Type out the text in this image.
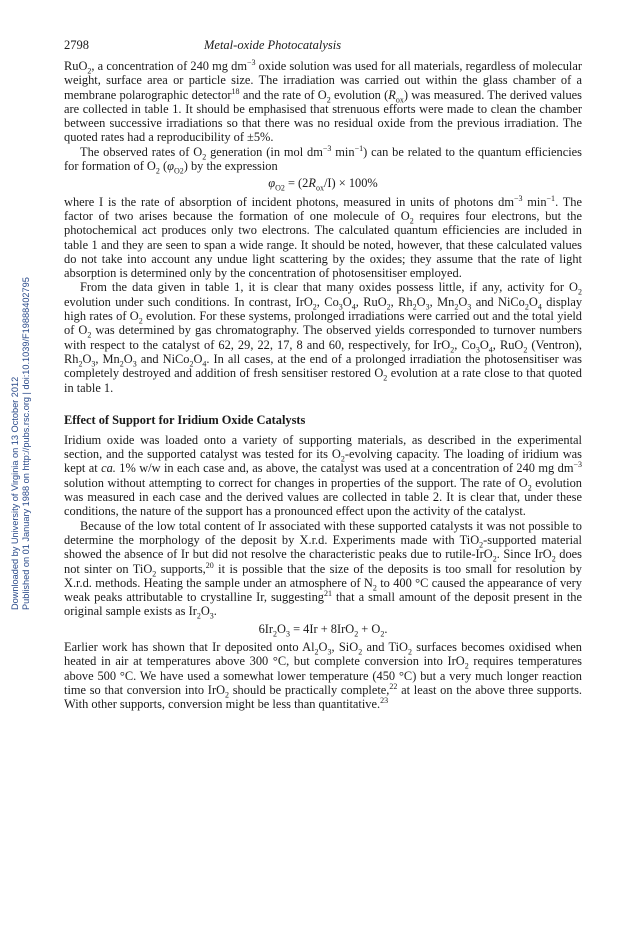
Downloaded by University of Virginia on 13 October 2012 Published on 01 January 1988 on http://pubs.rsc.org | doi:10.1039/F19888402795
2798	Metal-oxide Photocatalysis

RuO$_2$, a concentration of 240 mg $dm^{-3}$ oxide solution was used for all materials, regardless of molecular weight, surface area or particle size. The irradiation was carried out within the glass chamber of a membrane polarographic detector$^{18}$ and the rate of $O_2$ evolution $(R_{ox})$ was measured. The derived values are collected in table 1. It should be emphasised that strenuous efforts were made to clean the chamber between successive irradiations so that there was no residual oxide from the previous irradiation. The quoted rates had a reproducibility of ±5%.

The observed rates of $O_2$ generation (in mol $dm^{-3}$ $\min^{-1}$) can be related to the quantum efficiencies for formation of $O_2$ $(\varphi_{O2})$ by the expression

$\varphi_{O2} = (2R_{ox}/I) \times 100\%$

where I is the rate of absorption of incident photons, measured in units of photons $dm^{-3}$ $\min^{-1}$. The factor of two arises because the formation of one molecule of $O_2$ requires four electrons, but the photochemical act produces only two electrons. The calculated quantum efficiencies are included in table 1 and they are seen to span a wide range. It should be noted, however, that these calculated values do not take into account any undue light scattering by the oxides; they assume that the rate of light absorption is determined only by the concentration of photosensitiser employed.

From the data given in table 1, it is clear that many oxides possess little, if any, activity for $O_2$ evolution under such conditions. In contrast, IrO$_2$, $Co_3O_4$, RuO$_2$, $Rh_2O_3$, $Mn_2O_3$ and $NiCo_2O_4$ display high rates of $O_2$ evolution. For these systems, prolonged irradiations were carried out and the total yield of $O_2$ was determined by gas chromatography. The observed yields corresponded to turnover numbers with respect to the catalyst of 62, 29, 22, 17, 8 and 60, respectively, for IrO$_2$, $Co_3O_4$, RuO$_2$ (Ventron), $Rh_2O_3$, $Mn_2O_3$ and $NiCo_2O_4$. In all cases, at the end of a prolonged irradiation the photosensitiser was completely destroyed and addition of fresh sensitiser restored $O_2$ evolution at a rate close to that quoted in table 1.

Effect of Support for Iridium Oxide Catalysts

Iridium oxide was loaded onto a variety of supporting materials, as described in the experimental section, and the supported catalyst was tested for its $O_2$-evolving capacity. The loading of iridium was kept at ca. 1% w/w in each case and, as above, the catalyst was used at a concentration of 240 mg $dm^{-3}$ solution without attempting to correct for changes in properties of the support. The rate of $O_2$ evolution was measured in each case and the derived values are collected in table 2. It is clear that, under these conditions, the nature of the support has a pronounced effect upon the activity of the catalyst.

Because of the low total content of Ir associated with these supported catalysts it was not possible to determine the morphology of the deposit by X.r.d. Experiments made with TiO$_2$-supported material showed the absence of Ir but did not resolve the characteristic peaks due to rutile-IrO$_2$. Since IrO$_2$ does not sinter on TiO$_2$ supports,$^{20}$ it is possible that the size of the deposits is too small for resolution by X.r.d. methods. Heating the sample under an atmosphere of $N_2$ to 400 °C caused the appearance of very weak peaks attributable to crystalline Ir, suggesting$^{21}$ that a small amount of the deposit present in the original sample exists as $Ir_2O_3$.

$6Ir_2O_3 = 4Ir + 8IrO_2 + O_2$.

Earlier work has shown that Ir deposited onto $Al_2O_3$, SiO$_2$ and TiO$_2$ surfaces becomes oxidised when heated in air at temperatures above 300 °C, but complete conversion into IrO$_2$ requires temperatures above 500 °C. We have used a somewhat lower temperature (450 °C) but a very much longer reaction time so that conversion into IrO$_2$ should be practically complete,$^{22}$ at least on the above three supports. With other supports, conversion might be less than quantitative.$^{23}$
